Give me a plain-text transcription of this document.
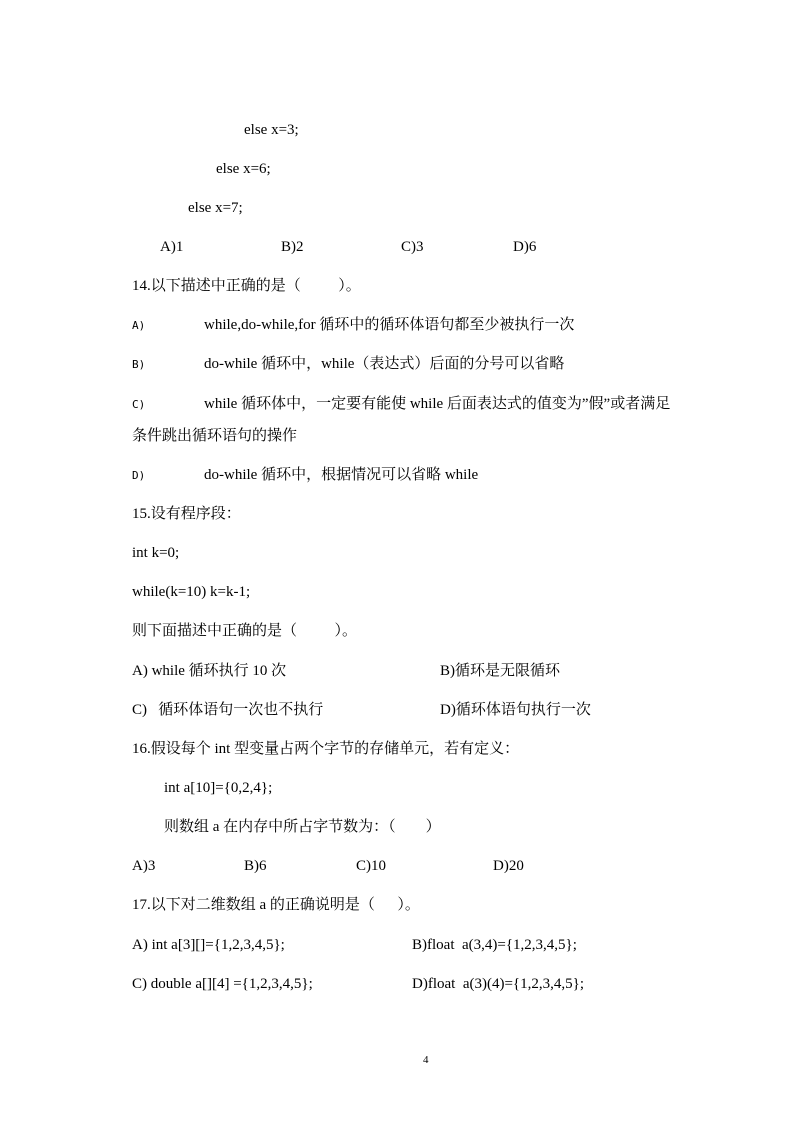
else x=3;
else x=6;
else x=7;
A)1	B)2	C)3	D)6
14.以下描述中正确的是（          ）。
A)	while,do-while,for 循环中的循环体语句都至少被执行一次
B)	do-while 循环中，while（表达式）后面的分号可以省略
C)	while 循环体中，一定要有能使 while 后面表达式的值变为”假”或者满足
条件跳出循环语句的操作
D)	do-while 循环中，根据情况可以省略 while
15.设有程序段：
int k=0;
while(k=10) k=k-1;
则下面描述中正确的是（          ）。
A) while 循环执行 10 次	B)循环是无限循环
C)   循环体语句一次也不执行	D)循环体语句执行一次
16.假设每个 int 型变量占两个字节的存储单元，若有定义：
int a[10]={0,2,4};
则数组 a 在内存中所占字节数为：（        ）
A)3	B)6	C)10	D)20
17.以下对二维数组 a 的正确说明是（      ）。
A) int a[3][]={1,2,3,4,5};	B)float  a(3,4)={1,2,3,4,5};
C) double a[][4] ={1,2,3,4,5};	D)float  a(3)(4)={1,2,3,4,5};
4
